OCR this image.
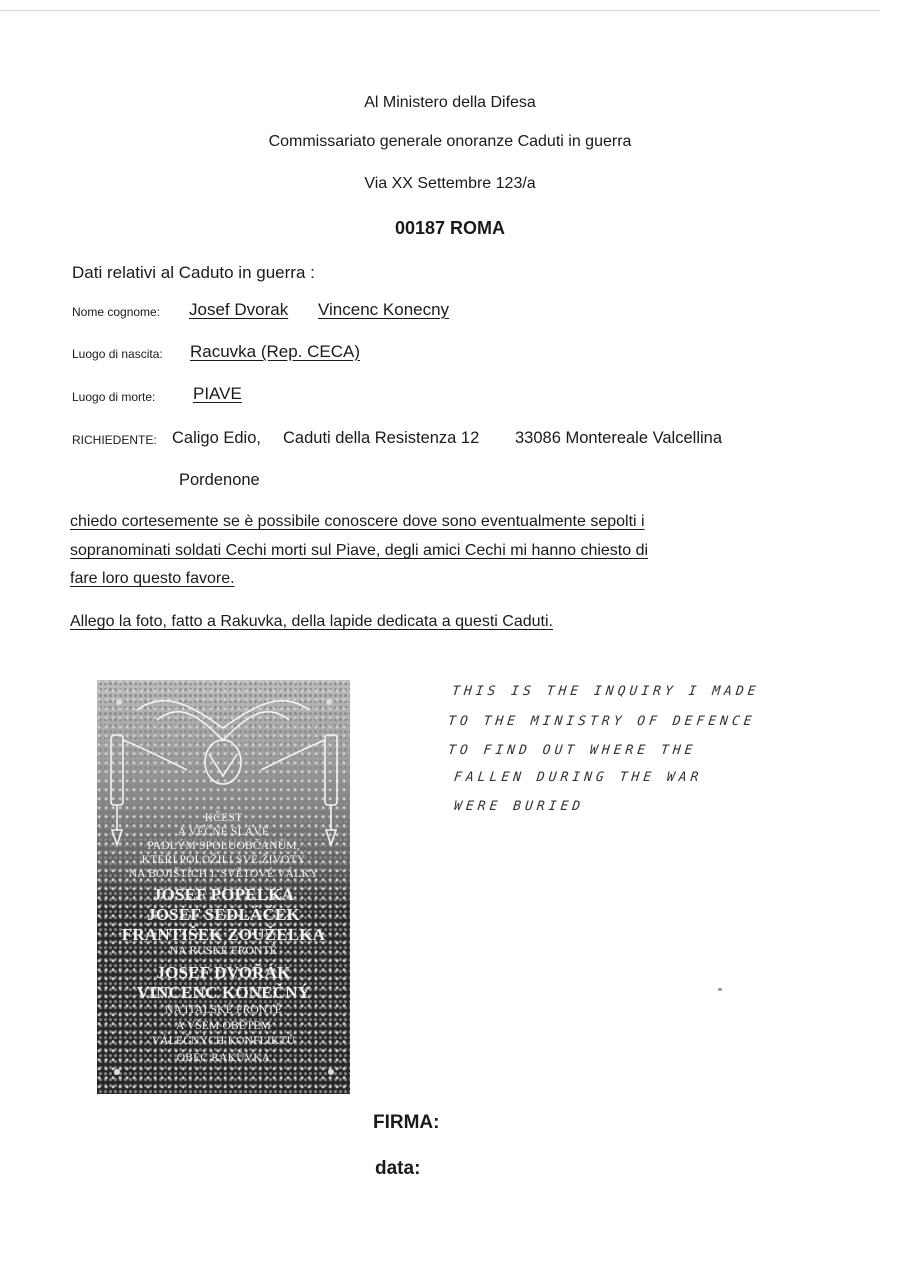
Al Ministero della Difesa
Commissariato generale onoranze Caduti in guerra
Via XX Settembre 123/a
00187 ROMA
Dati relativi al Caduto in guerra :
Nome cognome: Josef Dvorak Vincenc Konecny
Luogo di nascita: Racuvka (Rep. CECA)
Luogo di morte: PIAVE
RICHIEDENTE: Caligo Edio, Caduti della Resistenza 12 33086 Montereale Valcellina
Pordenone
chiedo cortesemente se è possibile conoscere dove sono eventualmente sepolti i
sopranominati soldati Cechi morti sul Piave, degli amici Cechi mi hanno chiesto di
fare loro questo favore.
Allego la foto, fatto a Rakuvka, della lapide dedicata a questi Caduti.
KČEST
A VĚČNÉ SLÁVĚ
PADLÝM SPOLUOBČANŮM,
KTEŘÍ POLOŽILI SVÉ ŽIVOTY
NA BOJIŠTÍCH I. SVĚTOVÉ VÁLKY
JOSEF POPELKA
JOSEF SEDLÁČEK
FRANTIŠEK ZOUŽELKA
NA RUSKÉ FRONTĚ
JOSEF DVOŘÁK
VINCENC KONEČNÝ
NA ITALSKÉ FRONTĚ
A VŠEM OBĚTEM
VÁLEČNÝCH KONFLIKTŮ
OBEC RAKŮVKA
THIS IS THE INQUIRY I MADE
TO THE MINISTRY OF DEFENCE
TO FIND OUT WHERE THE
FALLEN DURING THE WAR
WERE BURIED
FIRMA:
data:
